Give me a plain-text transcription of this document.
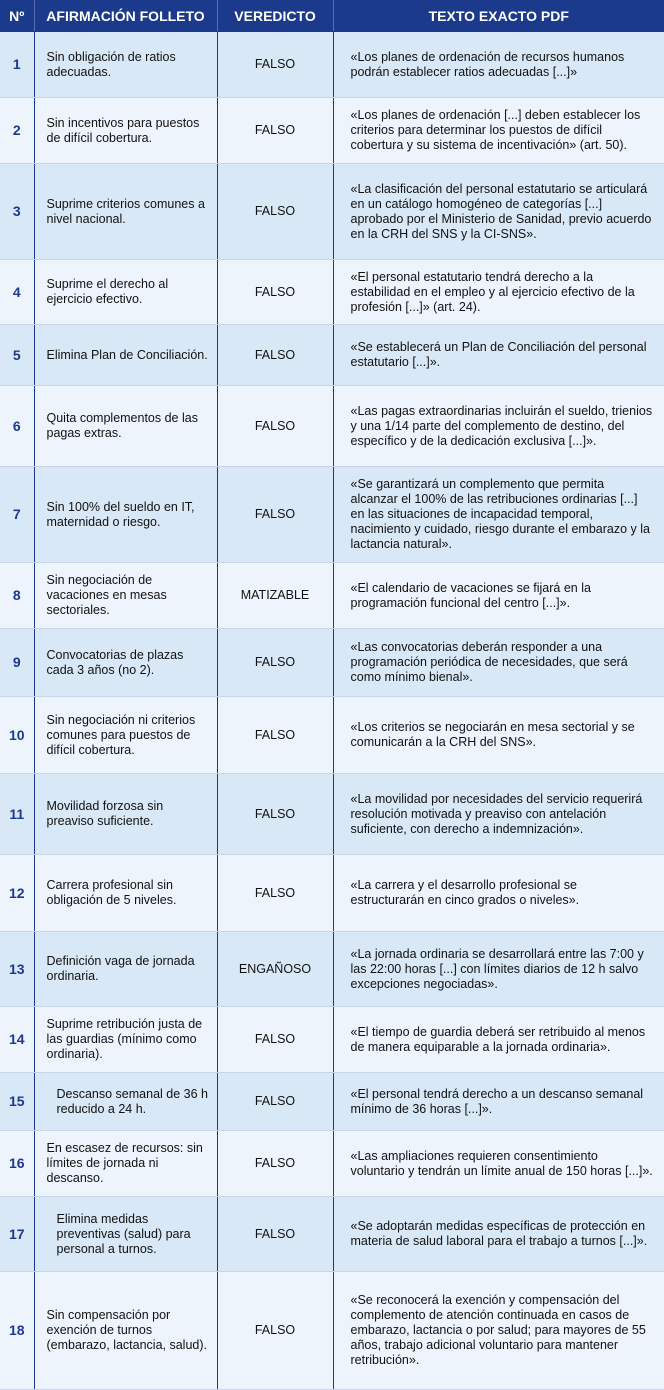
Nº	AFIRMACIÓN FOLLETO	VEREDICTO	TEXTO EXACTO PDF
1	Sin obligación de ratios adecuadas.	FALSO	«Los planes de ordenación de recursos humanos podrán establecer ratios adecuadas [...]»
2	Sin incentivos para puestos de difícil cobertura.	FALSO	«Los planes de ordenación [...] deben establecer los criterios para determinar los puestos de difícil cobertura y su sistema de incentivación» (art. 50).
3	Suprime criterios comunes a nivel nacional.	FALSO	«La clasificación del personal estatutario se articulará en un catálogo homogéneo de categorías [...] aprobado por el Ministerio de Sanidad, previo acuerdo en la CRH del SNS y la CI-SNS».
4	Suprime el derecho al ejercicio efectivo.	FALSO	«El personal estatutario tendrá derecho a la estabilidad en el empleo y al ejercicio efectivo de la profesión [...]» (art. 24).
5	Elimina Plan de Conciliación.	FALSO	«Se establecerá un Plan de Conciliación del personal estatutario [...]».
6	Quita complementos de las pagas extras.	FALSO	«Las pagas extraordinarias incluirán el sueldo, trienios y una 1/14 parte del complemento de destino, del específico y de la dedicación exclusiva [...]».
7	Sin 100% del sueldo en IT, maternidad o riesgo.	FALSO	«Se garantizará un complemento que permita alcanzar el 100% de las retribuciones ordinarias [...] en las situaciones de incapacidad temporal, nacimiento y cuidado, riesgo durante el embarazo y la lactancia natural».
8	Sin negociación de vacaciones en mesas sectoriales.	MATIZABLE	«El calendario de vacaciones se fijará en la programación funcional del centro [...]».
9	Convocatorias de plazas cada 3 años (no 2).	FALSO	«Las convocatorias deberán responder a una programación periódica de necesidades, que será como mínimo bienal».
10	Sin negociación ni criterios comunes para puestos de difícil cobertura.	FALSO	«Los criterios se negociarán en mesa sectorial y se comunicarán a la CRH del SNS».
11	Movilidad forzosa sin preaviso suficiente.	FALSO	«La movilidad por necesidades del servicio requerirá resolución motivada y preaviso con antelación suficiente, con derecho a indemnización».
12	Carrera profesional sin obligación de 5 niveles.	FALSO	«La carrera y el desarrollo profesional se estructurarán en cinco grados o niveles».
13	Definición vaga de jornada ordinaria.	ENGAÑOSO	«La jornada ordinaria se desarrollará entre las 7:00 y las 22:00 horas [...] con límites diarios de 12 h salvo excepciones negociadas».
14	Suprime retribución justa de las guardias (mínimo como ordinaria).	FALSO	«El tiempo de guardia deberá ser retribuido al menos de manera equiparable a la jornada ordinaria».
15	Descanso semanal de 36 h reducido a 24 h.	FALSO	«El personal tendrá derecho a un descanso semanal mínimo de 36 horas [...]».
16	En escasez de recursos: sin límites de jornada ni descanso.	FALSO	«Las ampliaciones requieren consentimiento voluntario y tendrán un límite anual de 150 horas [...]».
17	Elimina medidas preventivas (salud) para personal a turnos.	FALSO	«Se adoptarán medidas específicas de protección en materia de salud laboral para el trabajo a turnos [...]».
18	Sin compensación por exención de turnos (embarazo, lactancia, salud).	FALSO	«Se reconocerá la exención y compensación del complemento de atención continuada en casos de embarazo, lactancia o por salud; para mayores de 55 años, trabajo adicional voluntario para mantener retribución».
